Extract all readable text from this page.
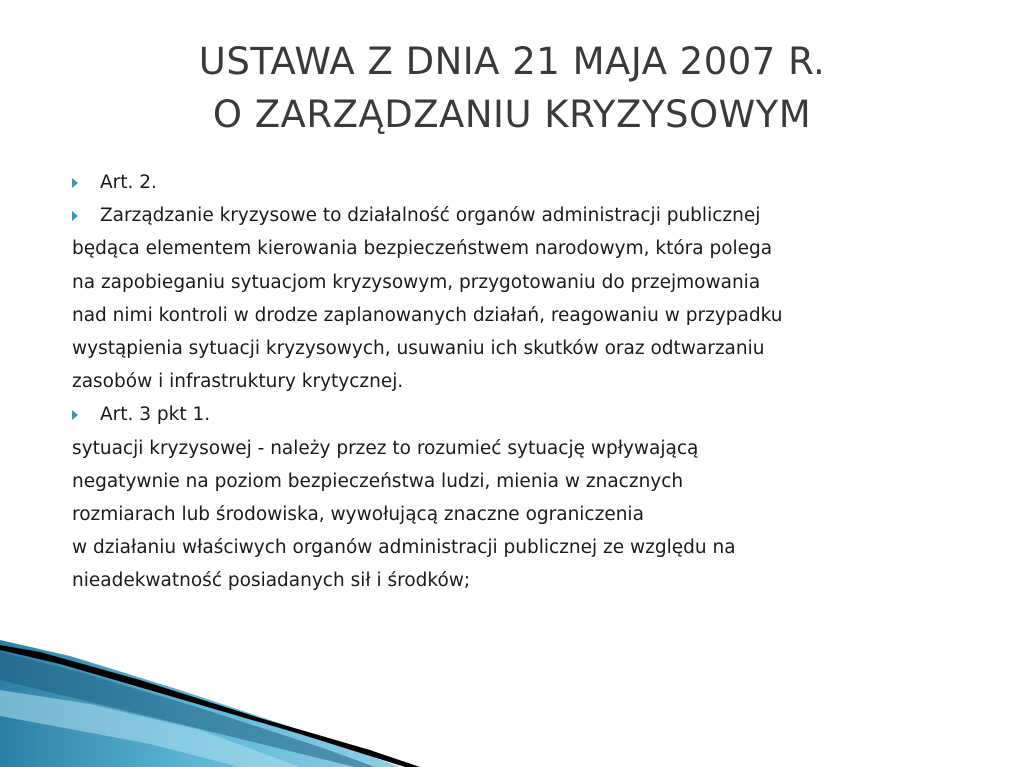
USTAWA Z DNIA 21 MAJA 2007 R.
O ZARZĄDZANIU KRYZYSOWYM
Art. 2.
Zarządzanie kryzysowe to działalność organów administracji publicznej
będąca elementem kierowania bezpieczeństwem narodowym, która polega
na zapobieganiu sytuacjom kryzysowym, przygotowaniu do przejmowania
nad nimi kontroli w drodze zaplanowanych działań, reagowaniu w przypadku
wystąpienia sytuacji kryzysowych, usuwaniu ich skutków oraz odtwarzaniu
zasobów i infrastruktury krytycznej.
Art. 3 pkt 1.
sytuacji kryzysowej - należy przez to rozumieć sytuację wpływającą
negatywnie na poziom bezpieczeństwa ludzi, mienia w znacznych
rozmiarach lub środowiska, wywołującą znaczne ograniczenia
w działaniu właściwych organów administracji publicznej ze względu na
nieadekwatność posiadanych sił i środków;
